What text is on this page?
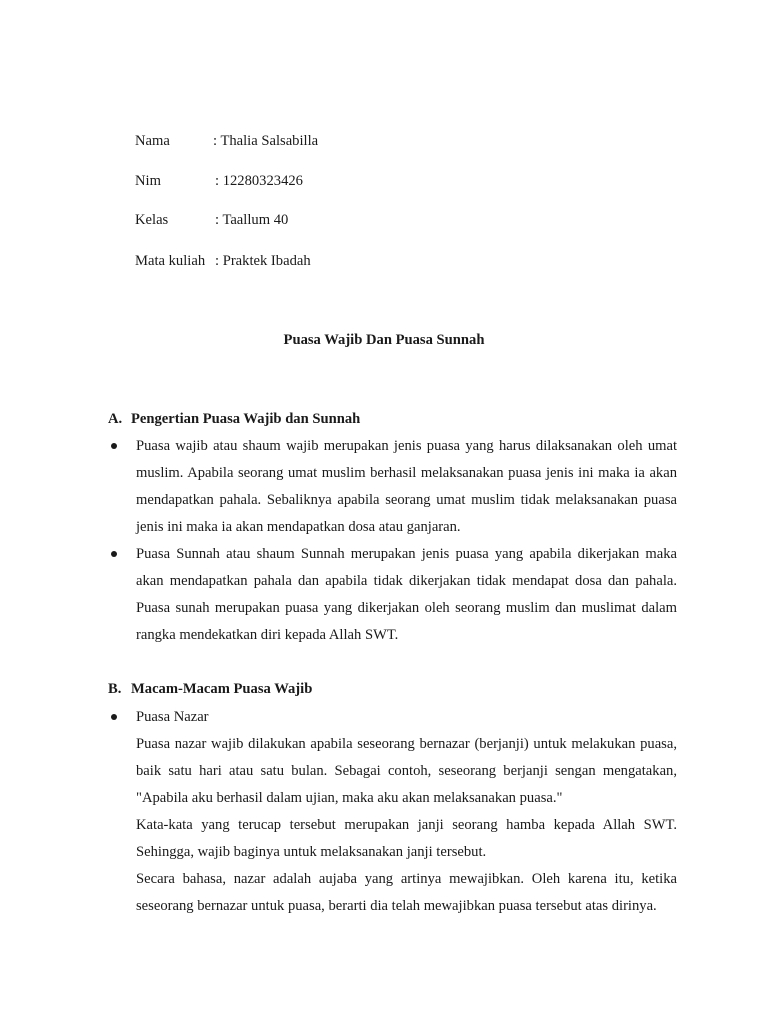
Nama	: Thalia Salsabilla
Nim	: 12280323426
Kelas	: Taallum 40
Mata kuliah : Praktek Ibadah
Puasa Wajib Dan Puasa Sunnah
A. Pengertian Puasa Wajib dan Sunnah
Puasa wajib atau shaum wajib merupakan jenis puasa yang harus dilaksanakan oleh umat muslim. Apabila seorang umat muslim berhasil melaksanakan puasa jenis ini maka ia akan mendapatkan pahala. Sebaliknya apabila seorang umat muslim tidak melaksanakan puasa jenis ini maka ia akan mendapatkan dosa atau ganjaran.
Puasa Sunnah atau shaum Sunnah merupakan jenis puasa yang apabila dikerjakan maka akan mendapatkan pahala dan apabila tidak dikerjakan tidak mendapat dosa dan pahala. Puasa sunah merupakan puasa yang dikerjakan oleh seorang muslim dan muslimat dalam rangka mendekatkan diri kepada Allah SWT.
B. Macam-Macam Puasa Wajib
Puasa Nazar
Puasa nazar wajib dilakukan apabila seseorang bernazar (berjanji) untuk melakukan puasa, baik satu hari atau satu bulan. Sebagai contoh, seseorang berjanji sengan mengatakan, "Apabila aku berhasil dalam ujian, maka aku akan melaksanakan puasa."
Kata-kata yang terucap tersebut merupakan janji seorang hamba kepada Allah SWT. Sehingga, wajib baginya untuk melaksanakan janji tersebut.
Secara bahasa, nazar adalah aujaba yang artinya mewajibkan. Oleh karena itu, ketika seseorang bernazar untuk puasa, berarti dia telah mewajibkan puasa tersebut atas dirinya.
